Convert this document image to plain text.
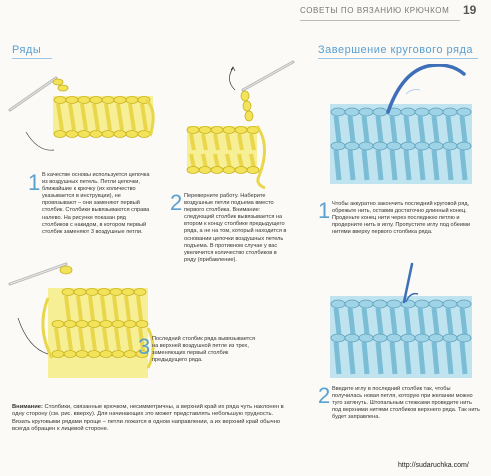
СОВЕТЫ ПО ВЯЗАНИЮ КРЮЧКОМ 19
Ряды	Завершение кругового ряда
1 В качестве основы используется цепочка из воздушных петель. Петли цепочки, ближайшие к крючку (их количество указывается в инструкции), не провязывают – они заменяют первый столбик. Столбики вывязываются справа налево. На рисунке показан ряд столбиков с накидом, в котором первый столбик заменяют 3 воздушные петли.
2 Переверните работу. Наберите воздушные петли подъема вместо первого столбика. Внимание: следующий столбик вывязывается на втором к концу столбике предыдущего ряда, а не на том, который находится в основании цепочки воздушных петель подъема. В противном случае у вас увеличится количество столбиков в ряду (прибавление).
3 Последний столбик ряда вывязывается на верхней воздушной петле из трех, заменяющих первый столбик предыдущего ряда.
Внимание: Столбики, связанные крючком, несимметричны, а верхний край их ряда чуть наклонен в одну сторону (см. рис. вверху). Для начинающих это может представлять небольшую трудность. Вязать круговыми рядами проще – петли ложатся в одном направлении, а их верхний край обычно всегда обращен к лицевой стороне.
1 Чтобы аккуратно закончить последний круговой ряд, обрежьте нить, оставив достаточно длинный конец. Проденьте конец нити через последнюю петлю и продерните нить в иглу. Пропустите иглу под обеими нитями вверху первого столбика ряда.
2 Введите иглу в последний столбик так, чтобы получилась новая петля, которую при желании можно туго затянуть. Штопальным стежками проведите нить под верхними нитями столбиков верхнего ряда. Так нить будет заправлена.
http://sudaruchka.com/
